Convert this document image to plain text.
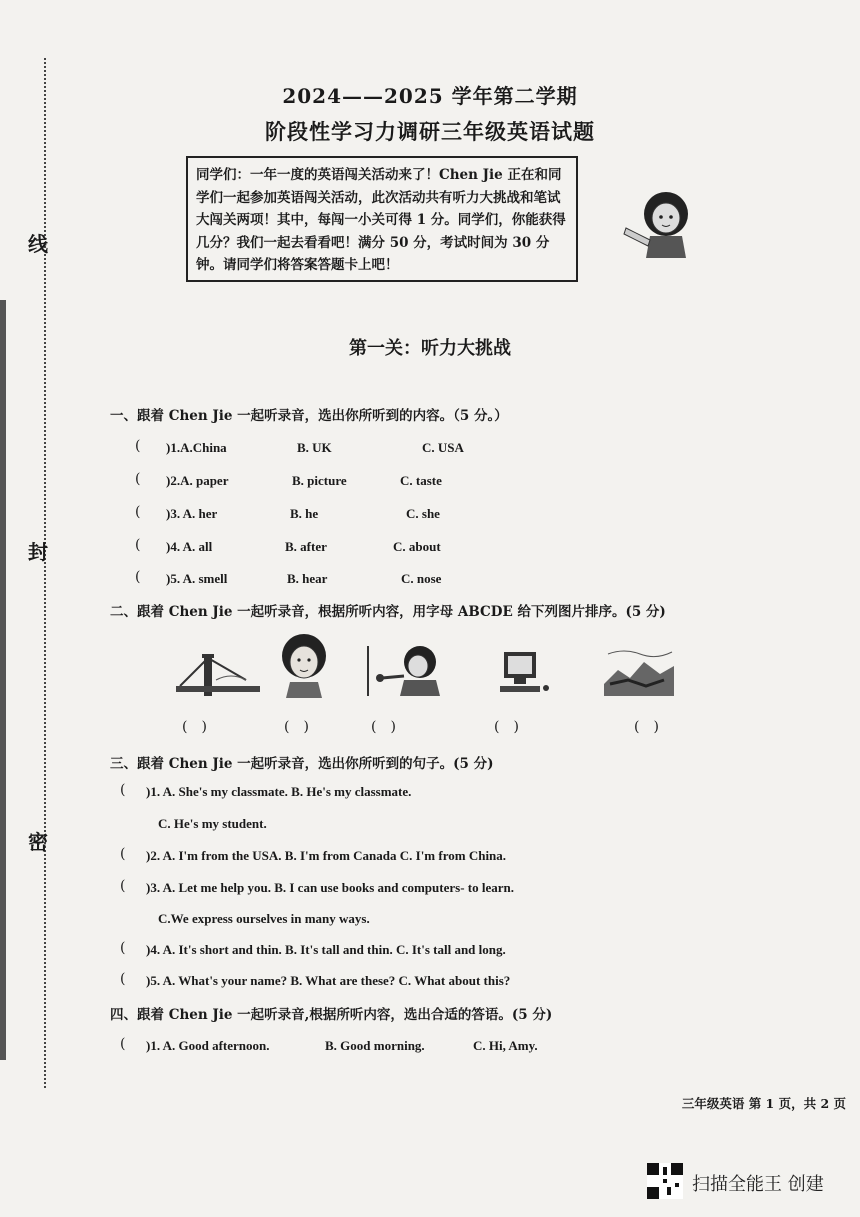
线
封
密
2024——2025 学年第二学期
阶段性学习力调研三年级英语试题
同学们：一年一度的英语闯关活动来了！Chen Jie 正在和同学们一起参加英语闯关活动，此次活动共有听力大挑战和笔试大闯关两项！其中，每闯一小关可得 1 分。同学们，你能获得几分？我们一起去看看吧！满分 50 分，考试时间为 30 分钟。请同学们将答案答题卡上吧！
第一关：听力大挑战
一、跟着 Chen Jie 一起听录音，选出你所听到的内容。（5 分。）
( )1.A.China	B. UK	C. USA
( )2.A. paper	B. picture	C. taste
( )3. A. her	B. he	C. she
( )4. A. all	B. after	C. about
( )5. A. smell	B. hear	C. nose
二、跟着 Chen Jie 一起听录音，根据所听内容，用字母 ABCDE 给下列图片排序。(5 分)
(　)	(　)	(　)	(　)	(　)
三、跟着 Chen Jie 一起听录音，选出你所听到的句子。(5 分)
( )1. A. She's my classmate. B. He's my classmate.
C. He's my student.
( )2. A. I'm from the USA. B. I'm from Canada C. I'm from China.
( )3. A. Let me help you. B. I can use books and computers- to learn.
C.We express ourselves in many ways.
( )4. A. It's short and thin. B. It's tall and thin. C. It's tall and long.
( )5. A. What's your name? B. What are these? C. What about this?
四、跟着 Chen Jie 一起听录音,根据所听内容，选出合适的答语。(5 分)
( )1. A. Good afternoon.	B. Good morning.	C. Hi, Amy.
三年级英语 第 1 页，共 2 页
扫描全能王 创建
